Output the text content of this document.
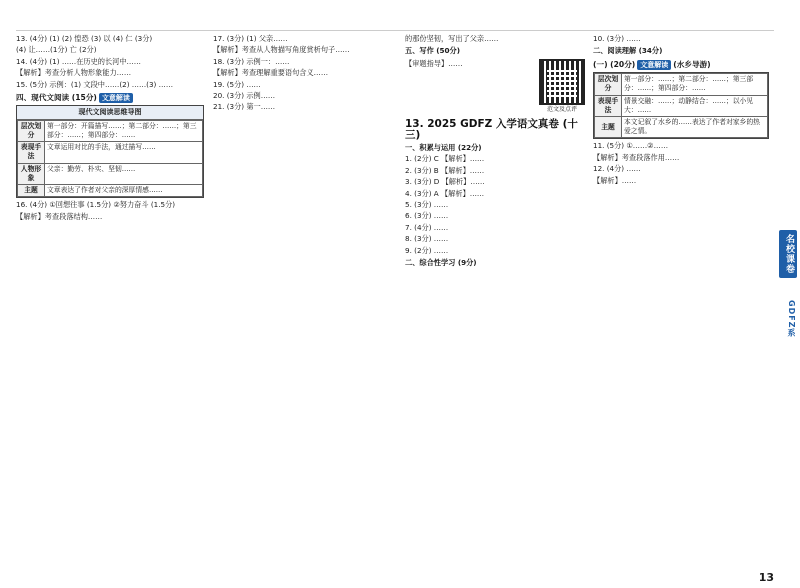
13. (4分) (1) (2) 惶恐 (3) 以 (4) 仁 (3分)

(4) 让……(1分) 亡 (2分)

14. (4分) (1) ……在历史的长河中……

【解析】考查分析人物形象能力……

15. (5分) 示例：(1) 文段中……(2) ……(3) ……

四、现代文阅读 (15分) 文意解读
现代文阅读思维导图
层次划分	第一部分：开篇描写……；第二部分：……；第三部分：……；第四部分：……
表现手法	文章运用对比的手法，通过描写……
人物形象	父亲：勤劳、朴实、坚韧……
主题	文章表达了作者对父亲的深厚情感……

16. (4分) ①回想往事 (1.5分) ②努力奋斗 (1.5分)

【解析】考查段落结构……

17. (3分) (1) 父亲……

【解析】考查从人物描写角度赏析句子……

18. (3分) 示例一：……

【解析】考查理解重要语句含义……

19. (5分) ……

20. (3分) 示例……

21. (3分) 第一……

的那份坚韧，写出了父亲……

五、写作 (50分)

【审题指导】……

范文及点评
13. 2025 GDFZ 入学语文真卷 (十三)

一、积累与运用 (22分)

1. (2分) C 【解析】……

2. (3分) B 【解析】……

3. (3分) D 【解析】……

4. (3分) A 【解析】……

5. (3分) ……

6. (3分) ……

7. (4分) ……

8. (3分) ……

9. (2分) ……

二、综合性学习 (9分)

10. (3分) ……

二、阅读理解 (34分)

(一) (20分) 文意解读 (水乡导游)
层次划分	第一部分：……；第二部分：……；第三部分：……；第四部分：……
表现手法	情景交融：……；动静结合：……；以小见大：……
主题	本文记叙了水乡的……表达了作者对家乡的热爱之情。

11. (5分) ①……②……

【解析】考查段落作用……

12. (4分) ……

【解析】……

名校课卷
GDFZ系
13
